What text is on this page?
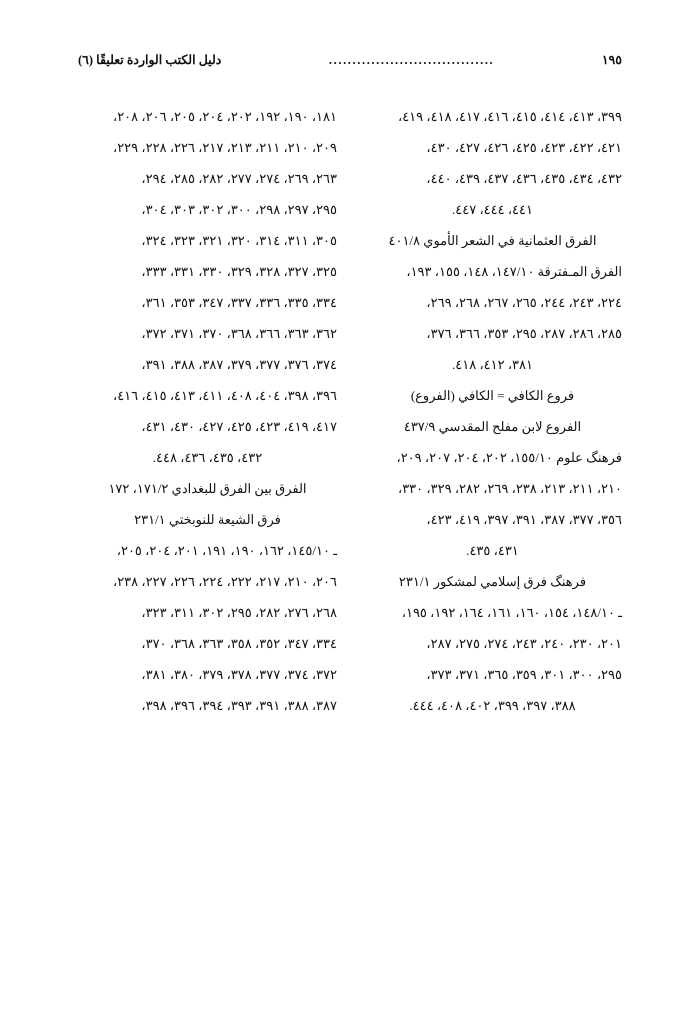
دليل الكتب الواردة تعليقًا (٦)	...................................	١٩٥
٣٩٩، ٤١٣، ٤١٤، ٤١٥، ٤١٦، ٤١٧، ٤١٨، ٤١٩،
٤٢١، ٤٢٢، ٤٢٣، ٤٢٥، ٤٢٦، ٤٢٧، ٤٣٠،
٤٣٢، ٤٣٤، ٤٣٥، ٤٣٦، ٤٣٧، ٤٣٩، ٤٤٠،
٤٤١، ٤٤٤، ٤٤٧.
الفرق العثمانية في الشعر الأموي ٤٠١/٨
الفرق المـفترقة ١٤٧/١٠، ١٤٨، ١٥٥، ١٩٣،
٢٢٤، ٢٤٣، ٢٤٤، ٢٦٥، ٢٦٧، ٢٦٨، ٢٦٩،
٢٨٥، ٢٨٦، ٢٨٧، ٢٩٥، ٣٥٣، ٣٦٦، ٣٧٦،
٣٨١، ٤١٢، ٤١٨.
فروع الكافي = الكافي (الفروع)
الفروع لابن مفلح المقدسي ٤٣٧/٩
فرهنگ علوم ١٥٥/١٠، ٢٠٢، ٢٠٤، ٢٠٧، ٢٠٩،
٢١٠، ٢١١، ٢١٣، ٢٣٨، ٢٦٩، ٢٨٢، ٣٢٩، ٣٣٠،
٣٥٦، ٣٧٧، ٣٨٧، ٣٩١، ٣٩٧، ٤١٩، ٤٢٣،
٤٣١، ٤٣٥.
فرهنگ فرق إسلامي لمشكور ٢٣١/١
ـ ١٤٨/١٠، ١٥٤، ١٦٠، ١٦١، ١٦٤، ١٩٢، ١٩٥،
٢٠١، ٢٣٠، ٢٤٠، ٢٤٣، ٢٧٤، ٢٧٥، ٢٨٧،
٢٩٥، ٣٠٠، ٣٠١، ٣٥٩، ٣٦٥، ٣٧١، ٣٧٣،
٣٨٨، ٣٩٧، ٣٩٩، ٤٠٢، ٤٠٨، ٤٤٤.
١٨١، ١٩٠، ١٩٢، ٢٠٢، ٢٠٤، ٢٠٥، ٢٠٦، ٢٠٨،
٢٠٩، ٢١٠، ٢١١، ٢١٣، ٢١٧، ٢٢٦، ٢٢٨، ٢٢٩،
٢٦٣، ٢٦٩، ٢٧٤، ٢٧٧، ٢٨٢، ٢٨٥، ٢٩٤،
٢٩٥، ٢٩٧، ٢٩٨، ٣٠٠، ٣٠٢، ٣٠٣، ٣٠٤،
٣٠٥، ٣١١، ٣١٤، ٣٢٠، ٣٢١، ٣٢٣، ٣٢٤،
٣٢٥، ٣٢٧، ٣٢٨، ٣٢٩، ٣٣٠، ٣٣١، ٣٣٣،
٣٣٤، ٣٣٥، ٣٣٦، ٣٣٧، ٣٤٧، ٣٥٣، ٣٦١،
٣٦٢، ٣٦٣، ٣٦٦، ٣٦٨، ٣٧٠، ٣٧١، ٣٧٢،
٣٧٤، ٣٧٦، ٣٧٧، ٣٧٩، ٣٨٧، ٣٨٨، ٣٩١،
٣٩٦، ٣٩٨، ٤٠٤، ٤٠٨، ٤١١، ٤١٣، ٤١٥، ٤١٦،
٤١٧، ٤١٩، ٤٢٣، ٤٢٥، ٤٢٧، ٤٣٠، ٤٣١،
٤٣٢، ٤٣٥، ٤٣٦، ٤٤٨.
الفرق بين الفرق للبغدادي ١٧١/٢، ١٧٢
فرق الشيعة للنوبختي ٢٣١/١
ـ ١٤٥/١٠، ١٦٢، ١٩٠، ١٩١، ٢٠١، ٢٠٤، ٢٠٥،
٢٠٦، ٢١٠، ٢١٧، ٢٢٢، ٢٢٤، ٢٢٦، ٢٢٧، ٢٣٨،
٢٦٨، ٢٧٦، ٢٨٢، ٢٩٥، ٣٠٢، ٣١١، ٣٢٣،
٣٣٤، ٣٤٧، ٣٥٢، ٣٥٨، ٣٦٣، ٣٦٨، ٣٧٠،
٣٧٢، ٣٧٤، ٣٧٧، ٣٧٨، ٣٧٩، ٣٨٠، ٣٨١،
٣٨٧، ٣٨٨، ٣٩١، ٣٩٣، ٣٩٤، ٣٩٦، ٣٩٨،
